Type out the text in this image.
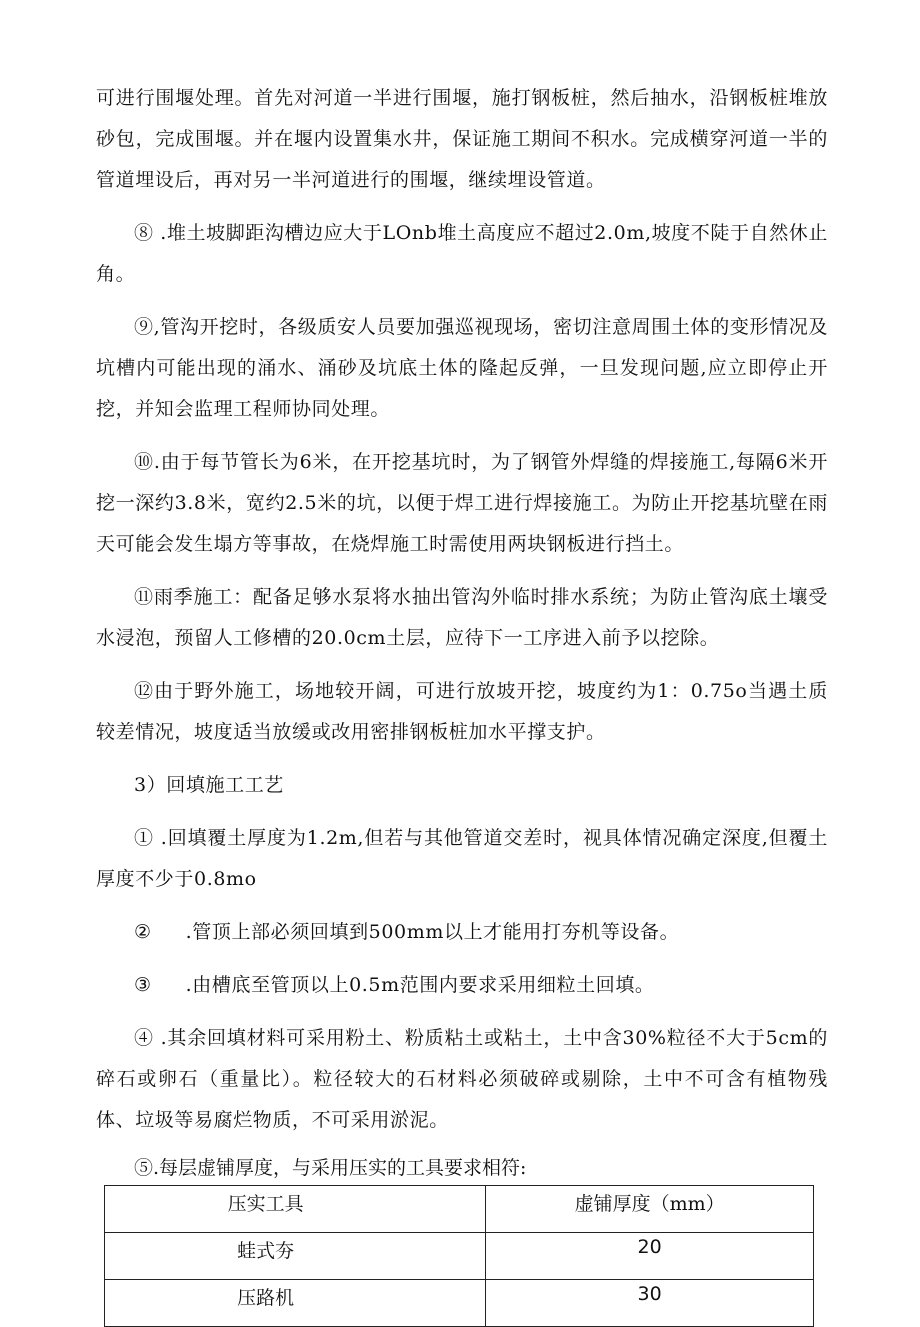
可进行围堰处理。首先对河道一半进行围堰，施打钢板桩，然后抽水，沿钢板桩堆放砂包，完成围堰。并在堰内设置集水井，保证施工期间不积水。完成横穿河道一半的管道埋设后，再对另一半河道进行的围堰，继续埋设管道。

⑧ .堆土坡脚距沟槽边应大于LOnb堆土高度应不超过2.0m,坡度不陡于自然休止角。

⑨,管沟开挖时，各级质安人员要加强巡视现场，密切注意周围土体的变形情况及坑槽内可能出现的涌水、涌砂及坑底土体的隆起反弹，一旦发现问题,应立即停止开挖，并知会监理工程师协同处理。

⑩.由于每节管长为6米，在开挖基坑时，为了钢管外焊缝的焊接施工,每隔6米开挖一深约3.8米，宽约2.5米的坑，以便于焊工进行焊接施工。为防止开挖基坑壁在雨天可能会发生塌方等事故，在烧焊施工时需使用两块钢板进行挡土。

⑪雨季施工：配备足够水泵将水抽出管沟外临时排水系统；为防止管沟底土壤受水浸泡，预留人工修槽的20.0cm土层，应待下一工序进入前予以挖除。

⑫由于野外施工，场地较开阔，可进行放坡开挖，坡度约为1：0.75o当遇土质较差情况，坡度适当放缓或改用密排钢板桩加水平撑支护。

3）回填施工工艺

① .回填覆土厚度为1.2m,但若与其他管道交差时，视具体情况确定深度,但覆土厚度不少于0.8mo

② .管顶上部必须回填到500mm以上才能用打夯机等设备。

③ .由槽底至管顶以上0.5m范围内要求采用细粒土回填。

④ .其余回填材料可采用粉土、粉质粘土或粘土，土中含30%粒径不大于5cm的碎石或卵石（重量比）。粒径较大的石材料必须破碎或剔除，土中不可含有植物残体、垃圾等易腐烂物质，不可采用淤泥。

⑤.每层虚铺厚度，与采用压实的工具要求相符:
压实工具	虚铺厚度（mm）
蛙式夯	20
压路机	30
